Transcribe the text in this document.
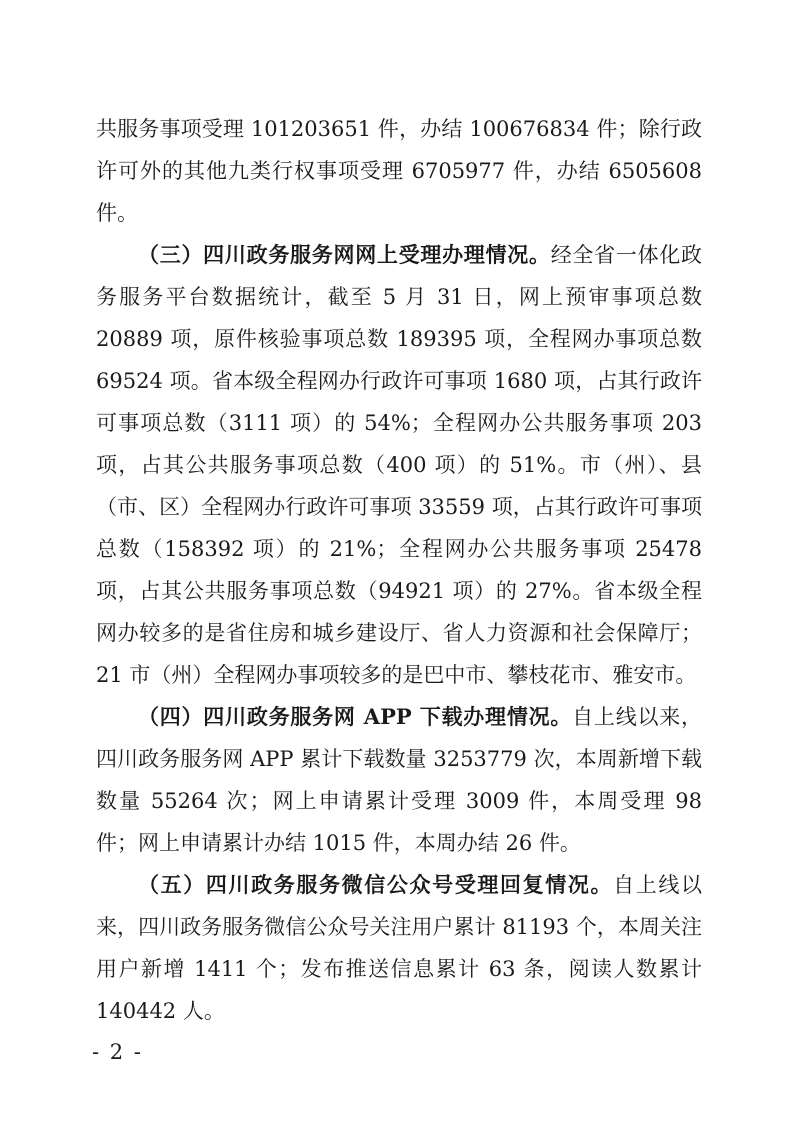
共服务事项受理 101203651 件，办结 100676834 件；除行政许可外的其他九类行权事项受理 6705977 件，办结 6505608 件。

（三）四川政务服务网网上受理办理情况。经全省一体化政务服务平台数据统计，截至 5 月 31 日，网上预审事项总数 20889 项，原件核验事项总数 189395 项，全程网办事项总数 69524 项。省本级全程网办行政许可事项 1680 项，占其行政许可事项总数（3111 项）的 54%；全程网办公共服务事项 203 项，占其公共服务事项总数（400 项）的 51%。市（州）、县（市、区）全程网办行政许可事项 33559 项，占其行政许可事项总数（158392 项）的 21%；全程网办公共服务事项 25478 项，占其公共服务事项总数（94921 项）的 27%。省本级全程网办较多的是省住房和城乡建设厅、省人力资源和社会保障厅；21 市（州）全程网办事项较多的是巴中市、攀枝花市、雅安市。

（四）四川政务服务网 APP 下载办理情况。自上线以来，四川政务服务网 APP 累计下载数量 3253779 次，本周新增下载数量 55264 次；网上申请累计受理 3009 件，本周受理 98 件；网上申请累计办结 1015 件，本周办结 26 件。

（五）四川政务服务微信公众号受理回复情况。自上线以来，四川政务服务微信公众号关注用户累计 81193 个，本周关注用户新增 1411 个；发布推送信息累计 63 条，阅读人数累计 140442 人。

- 2 -
